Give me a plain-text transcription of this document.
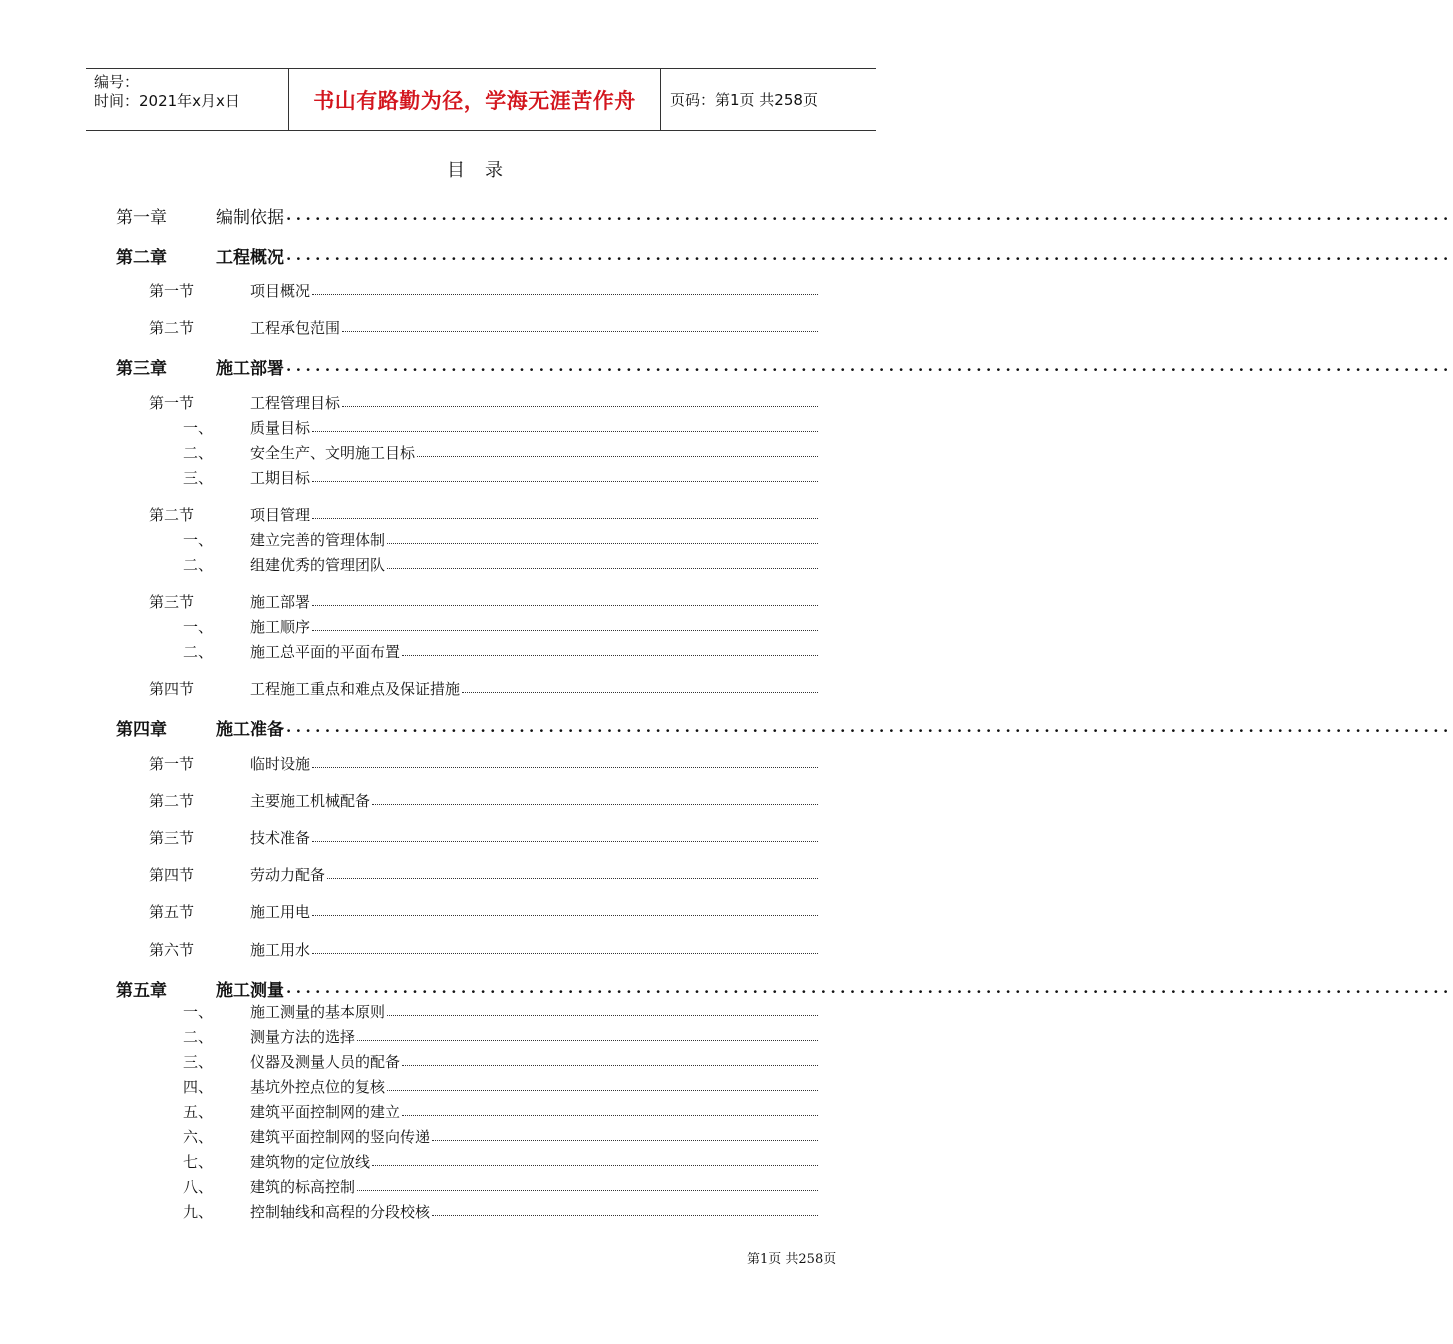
编号：
时间：2021年x月x日	书山有路勤为径，学海无涯苦作舟	页码：第1页 共258页
目录
第一章	编制依据 ........................................................................................................................
第二章	工程概况 ........................................................................................................................
第一节	项目概况
第二节	工程承包范围
第三章	施工部署 ........................................................................................................................
第一节	工程管理目标
一、	质量目标
二、	安全生产、文明施工目标
三、	工期目标
第二节	项目管理
一、	建立完善的管理体制
二、	组建优秀的管理团队
第三节	施工部署
一、	施工顺序
二、	施工总平面的平面布置
第四节	工程施工重点和难点及保证措施
第四章	施工准备 ........................................................................................................................
第一节	临时设施
第二节	主要施工机械配备
第三节	技术准备
第四节	劳动力配备
第五节	施工用电
第六节	施工用水
第五章	施工测量 ........................................................................................................................
一、	施工测量的基本原则
二、	测量方法的选择
三、	仪器及测量人员的配备
四、	基坑外控点位的复核
五、	建筑平面控制网的建立
六、	建筑平面控制网的竖向传递
七、	建筑物的定位放线
八、	建筑的标高控制
九、	控制轴线和高程的分段校核
第1页 共258页
